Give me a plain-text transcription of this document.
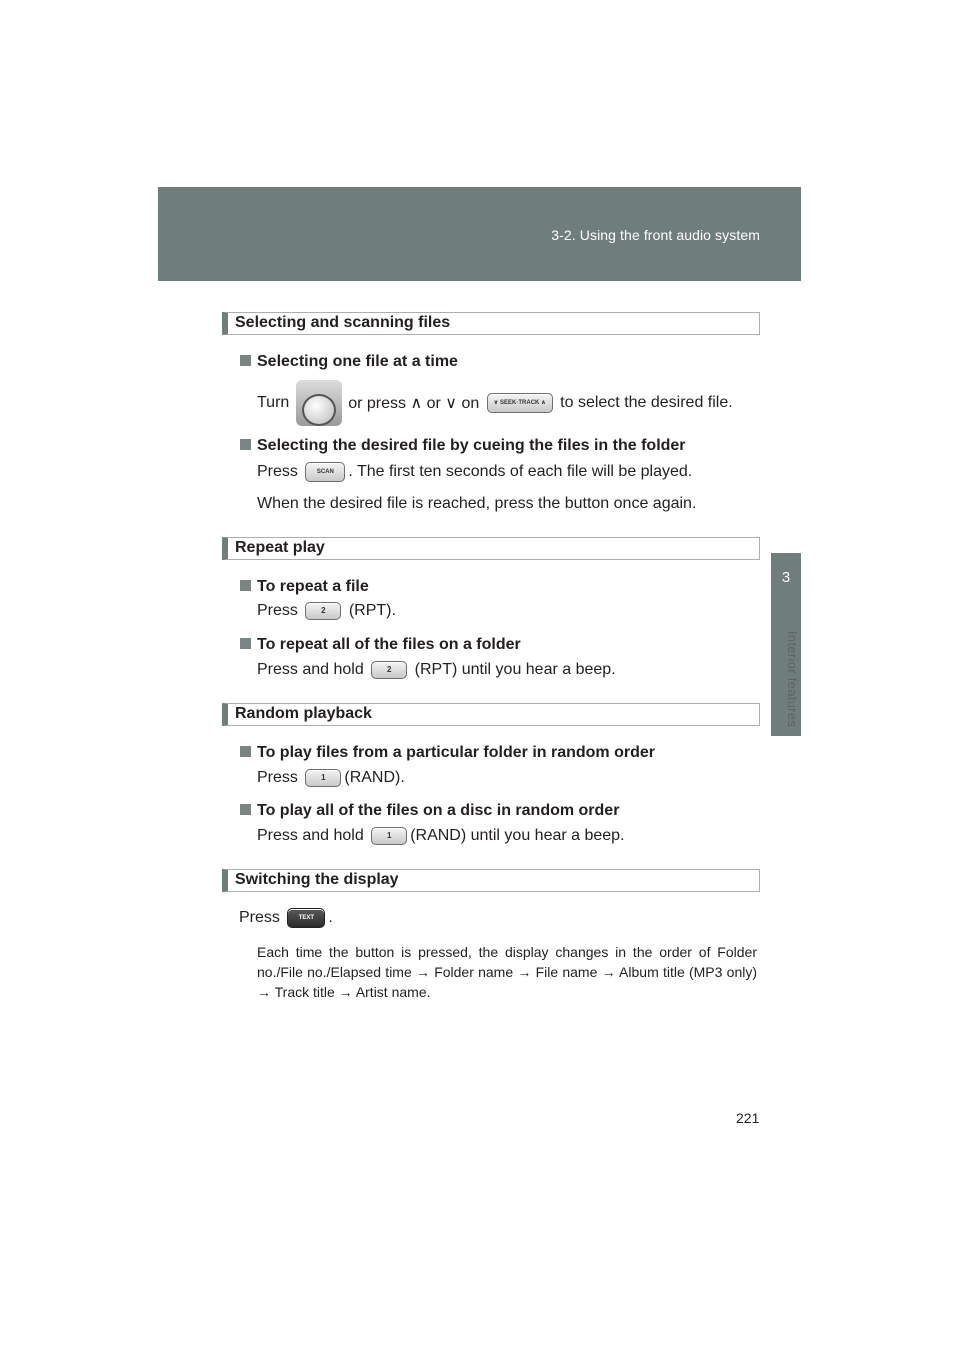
3-2. Using the front audio system
3
Interior features
Selecting and scanning files
Selecting one file at a time
Turn	or press ∧ or ∨ on ∨ SEEK·TRACK ∧ to select the desired file.
Selecting the desired file by cueing the files in the folder
Press	SCAN . The first ten seconds of each file will be played.
When the desired file is reached, press the button once again.
Repeat play
To repeat a file
Press	2 (RPT).
To repeat all of the files on a folder
Press and hold	2 (RPT) until you hear a beep.
Random playback
To play files from a particular folder in random order
Press	1 (RAND).
To play all of the files on a disc in random order
Press and hold	1 (RAND) until you hear a beep.
Switching the display
Press	TEXT .
Each time the button is pressed, the display changes in the order of Folder no./File no./Elapsed time → Folder name → File name → Album title (MP3 only) → Track title → Artist name.
221
